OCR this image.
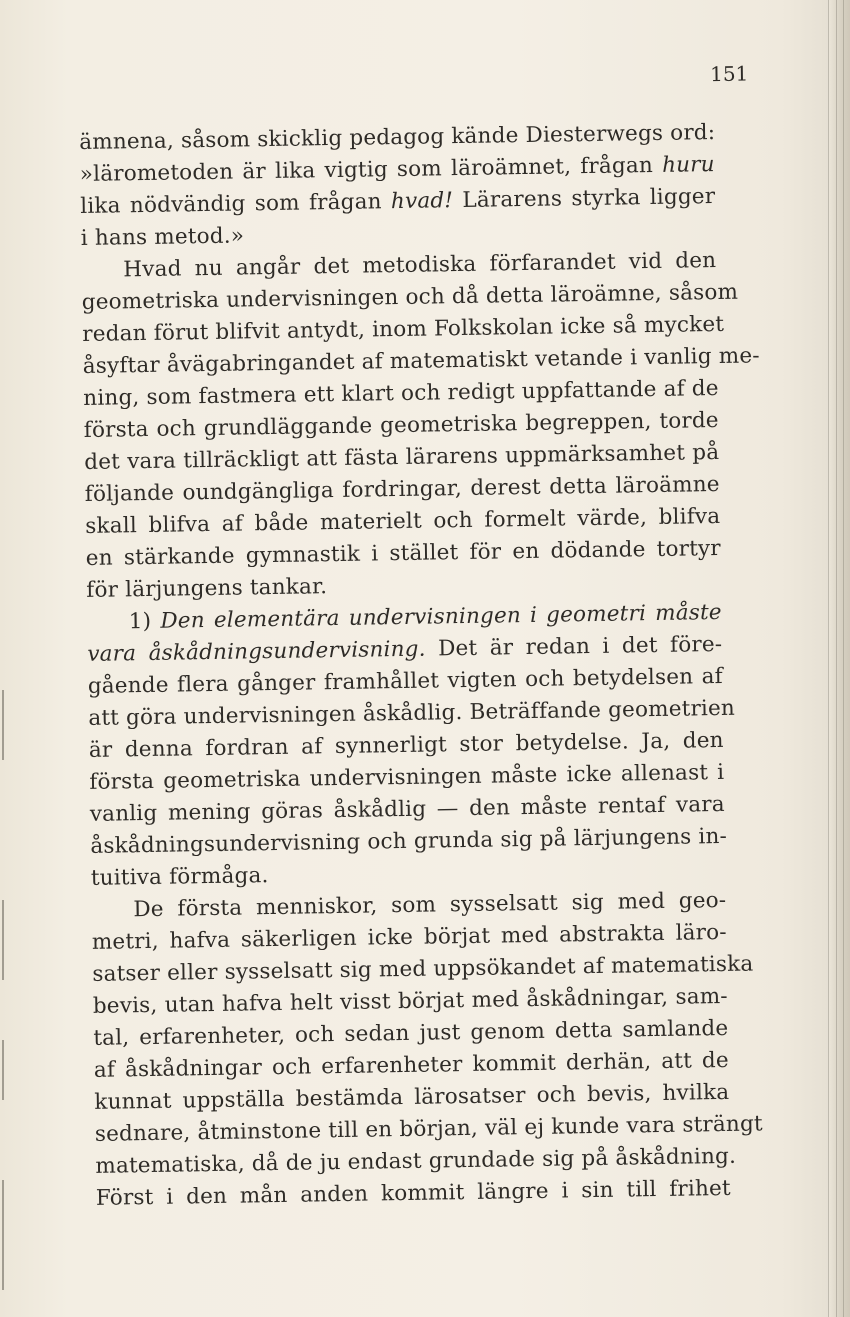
151
ämnena, såsom skicklig pedagog kände Diesterwegs ord:
»lärometoden är lika vigtig som läroämnet, frågan huru
lika nödvändig som frågan hvad! Lärarens styrka ligger
i hans metod.»
Hvad nu angår det metodiska förfarandet vid den
geometriska undervisningen och då detta läroämne, såsom
redan förut blifvit antydt, inom Folkskolan icke så mycket
åsyftar åvägabringandet af matematiskt vetande i vanlig me-
ning, som fastmera ett klart och redigt uppfattande af de
första och grundläggande geometriska begreppen, torde
det vara tillräckligt att fästa lärarens uppmärksamhet på
följande oundgängliga fordringar, derest detta läroämne
skall blifva af både materielt och formelt värde, blifva
en stärkande gymnastik i stället för en dödande tortyr
för lärjungens tankar.
1) Den elementära undervisningen i geometri måste
vara åskådningsundervisning. Det är redan i det före-
gående flera gånger framhållet vigten och betydelsen af
att göra undervisningen åskådlig. Beträffande geometrien
är denna fordran af synnerligt stor betydelse. Ja, den
första geometriska undervisningen måste icke allenast i
vanlig mening göras åskådlig — den måste rentaf vara
åskådningsundervisning och grunda sig på lärjungens in-
tuitiva förmåga.
De första menniskor, som sysselsatt sig med geo-
metri, hafva säkerligen icke börjat med abstrakta läro-
satser eller sysselsatt sig med uppsökandet af matematiska
bevis, utan hafva helt visst börjat med åskådningar, sam-
tal, erfarenheter, och sedan just genom detta samlande
af åskådningar och erfarenheter kommit derhän, att de
kunnat uppställa bestämda lärosatser och bevis, hvilka
sednare, åtminstone till en början, väl ej kunde vara strängt
matematiska, då de ju endast grundade sig på åskådning.
Först i den mån anden kommit längre i sin till frihet
